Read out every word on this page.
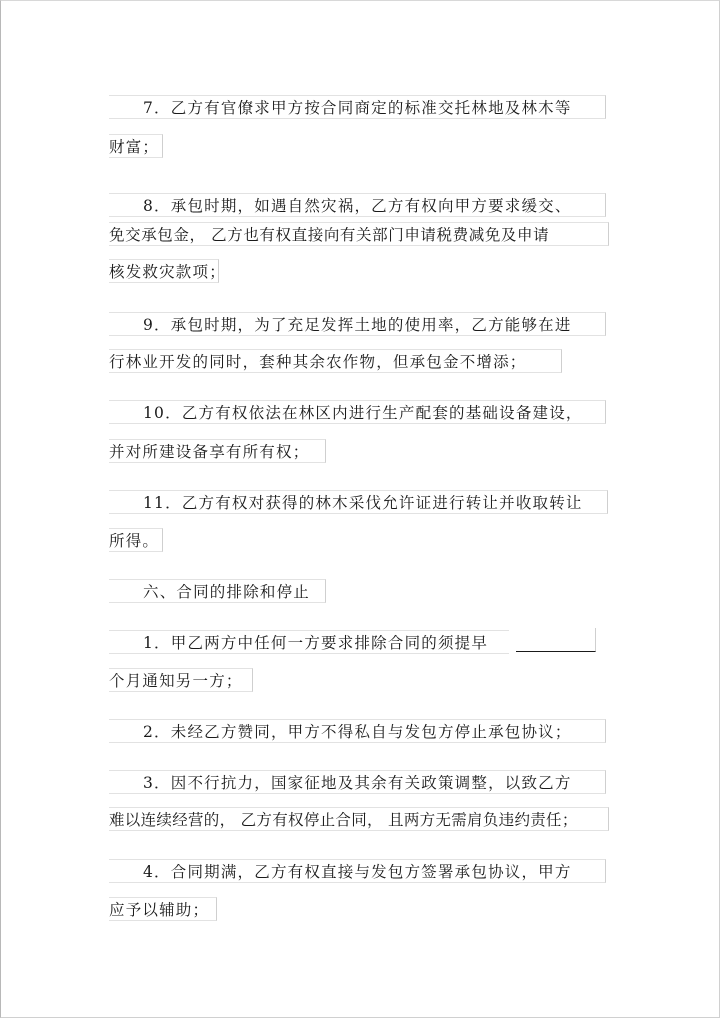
7．乙方有官僚求甲方按合同商定的标准交托林地及林木等
财富；
8．承包时期，如遇自然灾祸，乙方有权向甲方要求缓交、
免交承包金， 乙方也有权直接向有关部门申请税费减免及申请
核发救灾款项；
9．承包时期，为了充足发挥土地的使用率，乙方能够在进
行林业开发的同时，套种其余农作物，但承包金不增添；
10．乙方有权依法在林区内进行生产配套的基础设备建设，
并对所建设备享有所有权；
11．乙方有权对获得的林木采伐允许证进行转让并收取转让
所得。
六、合同的排除和停止
1．甲乙两方中任何一方要求排除合同的须提早
个月通知另一方；
2．未经乙方赞同，甲方不得私自与发包方停止承包协议；
3．因不行抗力，国家征地及其余有关政策调整，以致乙方
难以连续经营的， 乙方有权停止合同， 且两方无需肩负违约责任；
4．合同期满，乙方有权直接与发包方签署承包协议，甲方
应予以辅助；
